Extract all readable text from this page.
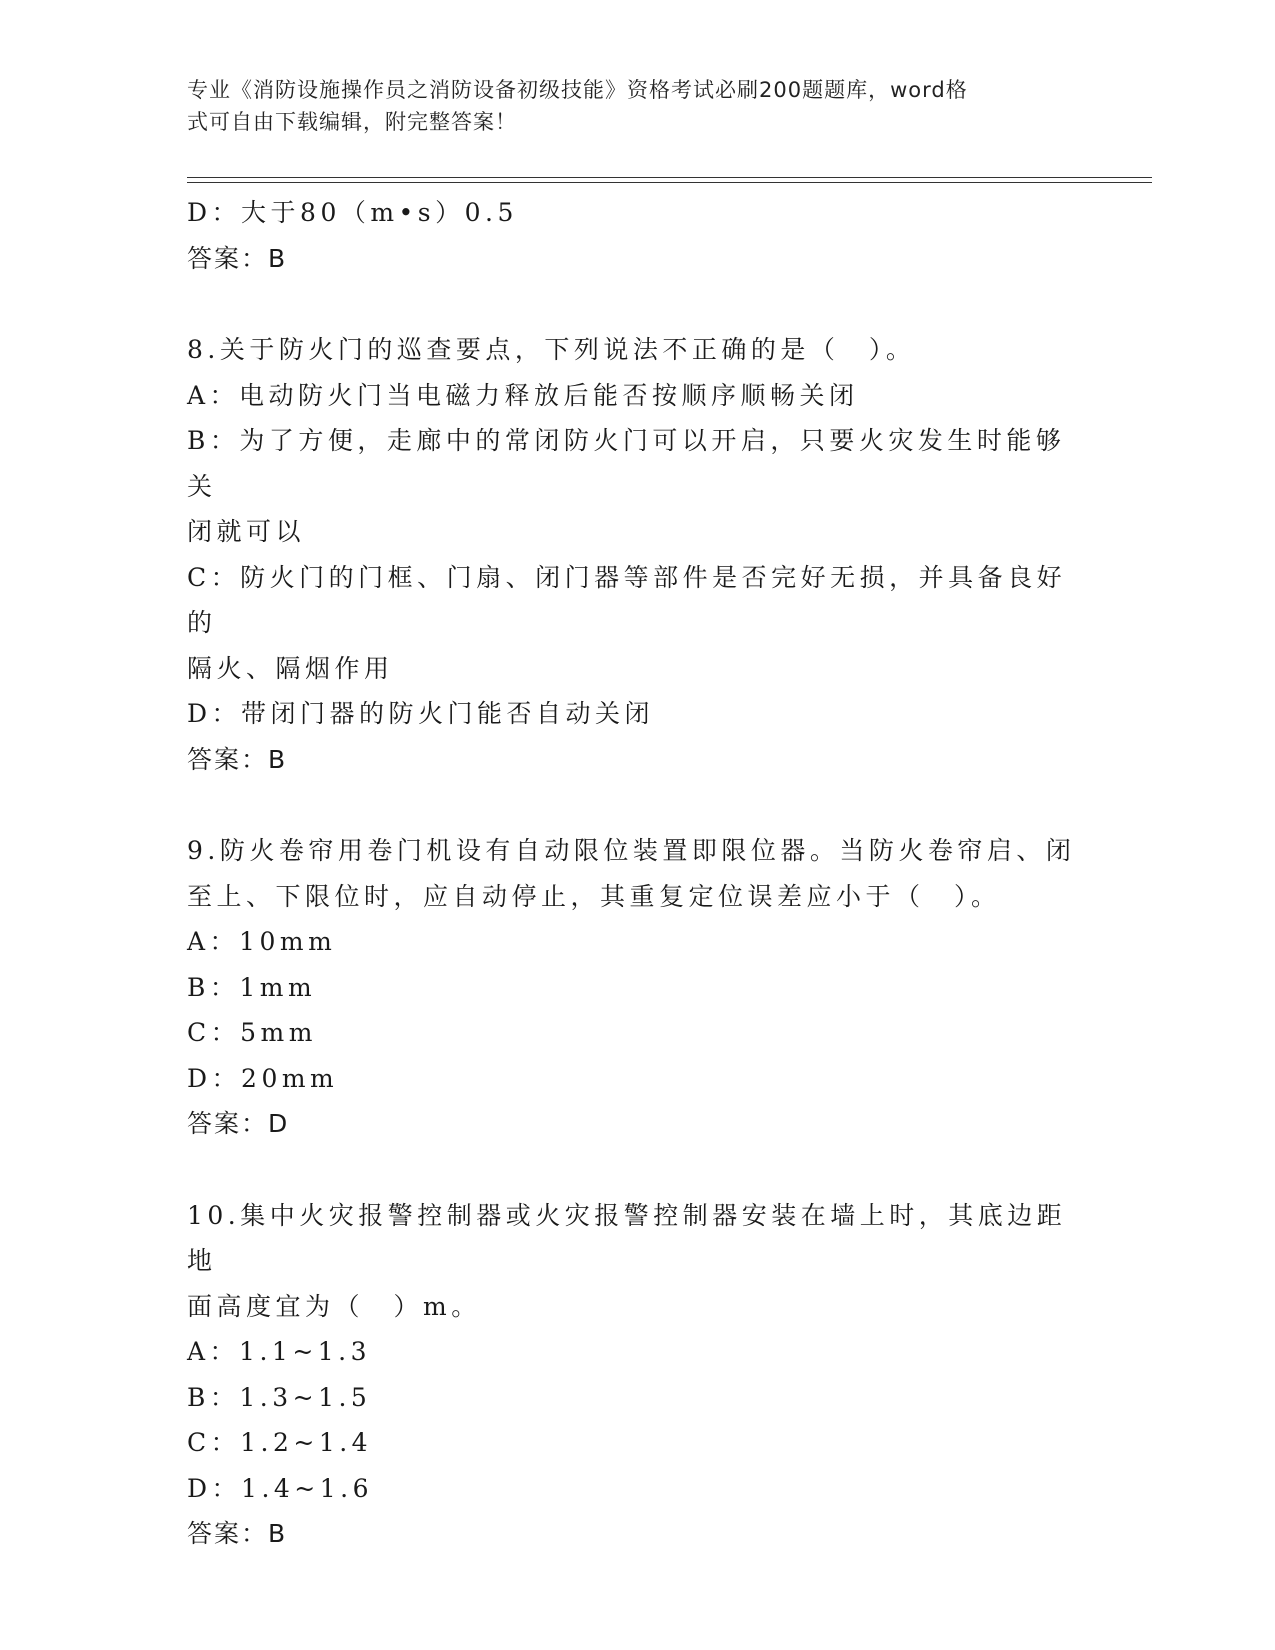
专业《消防设施操作员之消防设备初级技能》资格考试必刷200题题库，word格
式可自由下载编辑，附完整答案！
D：大于80（m•s）0.5
答案：B
8.关于防火门的巡查要点，下列说法不正确的是（　）。
A：电动防火门当电磁力释放后能否按顺序顺畅关闭
B：为了方便，走廊中的常闭防火门可以开启，只要火灾发生时能够关
闭就可以
C：防火门的门框、门扇、闭门器等部件是否完好无损，并具备良好的
隔火、隔烟作用
D：带闭门器的防火门能否自动关闭
答案：B
9.防火卷帘用卷门机设有自动限位装置即限位器。当防火卷帘启、闭
至上、下限位时，应自动停止，其重复定位误差应小于（　）。
A：10mm
B：1mm
C：5mm
D：20mm
答案：D
10.集中火灾报警控制器或火灾报警控制器安装在墙上时，其底边距地
面高度宜为（　）m。
A：1.1~1.3
B：1.3~1.5
C：1.2~1.4
D：1.4~1.6
答案：B
